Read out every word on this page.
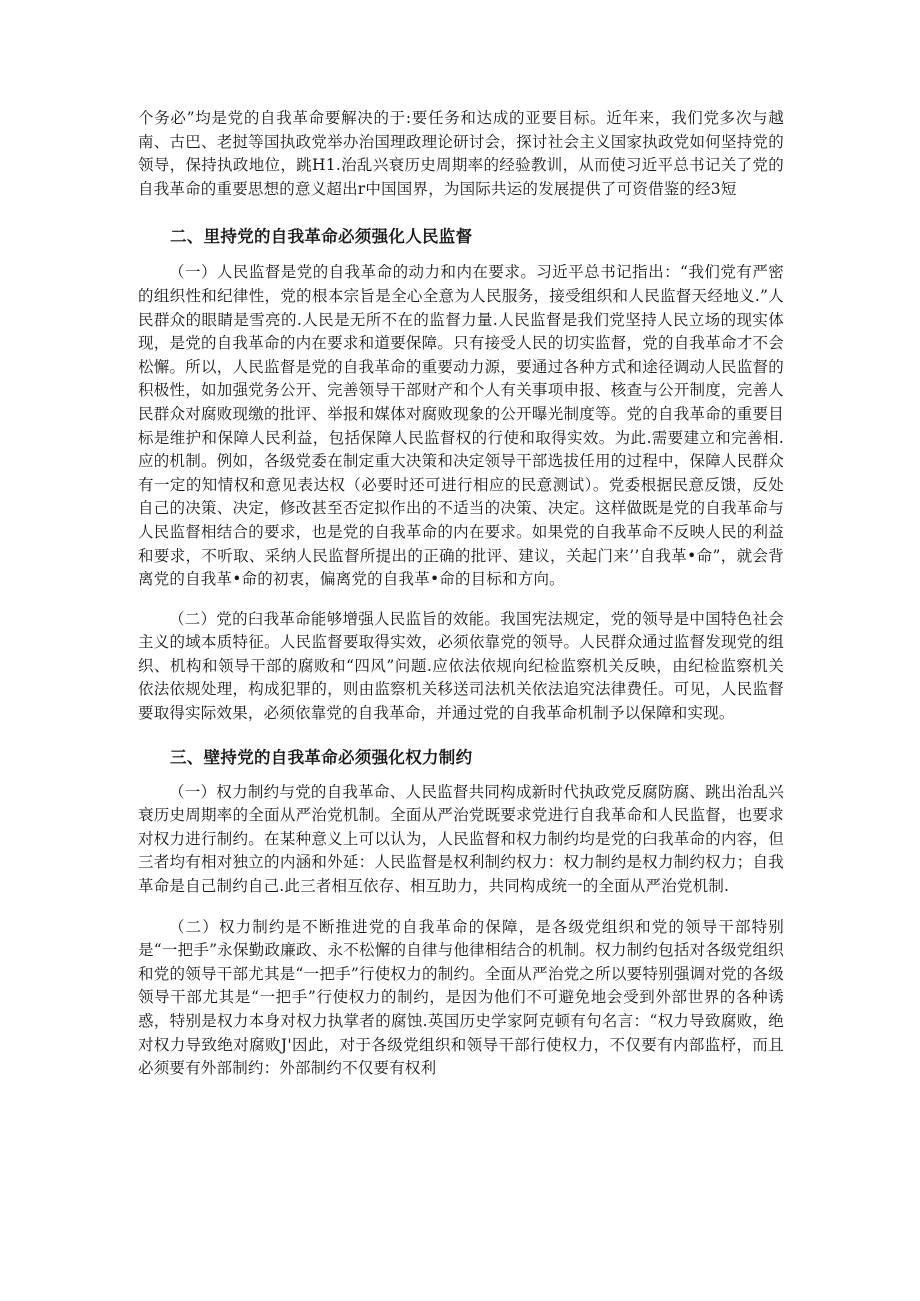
个务必”均是党的自我革命要解决的于:要任务和达成的亚要目标。近年来，我们党多次与越南、古巴、老挝等国执政党举办治国理政理论研讨会，探讨社会主义国家执政党如何坚持党的领导，保持执政地位，跳H1.治乱兴衰历史周期率的经验教训，从而使习近平总书记关了党的自我革命的重要思想的意义超出r中国国界，为国际共运的发展提供了可资借鉴的经3短

二、里持党的自我革命必须强化人民监督

（一）人民监督是党的自我革命的动力和内在要求。习近平总书记指出：“我们党有严密的组织性和纪律性，党的根本宗旨是全心全意为人民服务，接受组织和人民监督天经地义.”人民群众的眼睛是雪亮的.人民是无所不在的监督力量.人民监督是我们党坚持人民立场的现实体现，是党的自我革命的内在要求和道要保障。只有接受人民的切实监督，党的自我革命才不会松懈。所以，人民监督是党的自我革命的重要动力源，要通过各种方式和途径调动人民监督的积极性，如加强党务公开、完善领导干部财产和个人有关事项申报、核查与公开制度，完善人民群众对腐败现缴的批评、举报和媒体对腐败现象的公开曝光制度等。党的自我革命的重要目标是维护和保障人民利益，包括保障人民监督权的行使和取得实效。为此.需要建立和完善相.应的机制。例如，各级党委在制定重大决策和决定领导干部选拔任用的过程中，保障人民群众有一定的知情权和意见表达权（必要时还可进行相应的民意测试）。党委根据民意反馈，反处自己的决策、决定，修改甚至否定拟作出的不适当的决策、决定。这样做既是党的自我革命与人民监督相结合的要求，也是党的自我革命的内在要求。如果党的自我革命不反映人民的利益和要求，不听取、采纳人民监督所提出的正确的批评、建议，关起门来’’自我革•命”，就会背离党的自我革•命的初衷，偏离党的自我革•命的目标和方向。

（二）党的臼我革命能够增强人民监旨的效能。我国宪法规定，党的领导是中国特色社会主义的域本质特征。人民监督要取得实效，必须依靠党的领导。人民群众通过监督发现党的组织、机构和领导干部的腐败和“四风”问题.应依法依规向纪检监察机关反映，由纪检监察机关依法依规处理，构成犯罪的，则由监察机关移送司法机关依法追究法律费任。可见，人民监督要取得实际效果，必须依靠党的自我革命，并通过党的自我革命机制予以保障和实现。

三、壁持党的自我革命必须强化权力制约

（一）权力制约与党的自我革命、人民监督共同构成新时代执政党反腐防腐、跳出治乱兴衰历史周期率的全面从严治党机制。全面从严治党既要求党进行自我革命和人民监督，也要求对权力进行制约。在某种意义上可以认为，人民监督和权力制约均是党的臼我革命的内容，但三者均有相对独立的内涵和外延：人民监督是权利制约权力：权力制约是权力制约权力；自我革命是自己制约自己.此三者相互依存、相互助力，共同构成统一的全面从严治党机制.

（二）权力制约是不断推进党的自我革命的保障，是各级党组织和党的领导干部特别是“一把手”永保勤政廉政、永不松懈的自律与他律相结合的机制。权力制约包括对各级党组织和党的领导干部尤其是“一把手”行使权力的制约。全面从严治党之所以要特别强调对党的各级领导干部尤其是“一把手”行使权力的制约，是因为他们不可避免地会受到外部世界的各种诱惑，特别是权力本身对权力执掌者的腐蚀.英国历史学家阿克顿有句名言：“权力导致腐败，绝对权力导致绝对腐败J'因此，对于各级党组织和领导干部行使权力，不仅要有内部监杼，而且必须要有外部制约：外部制约不仅要有权利
